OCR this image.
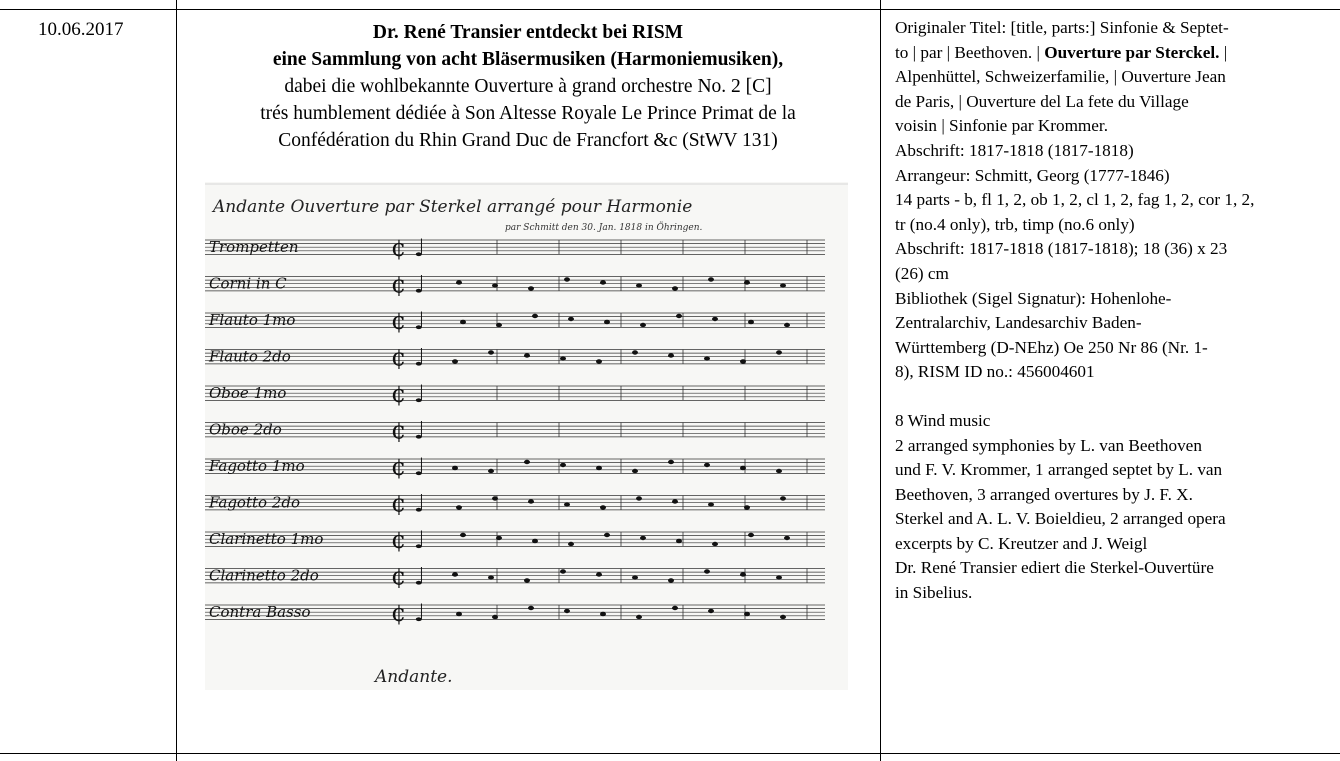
10.06.2017	Dr. René Transier entdeckt bei RISM
eine Sammlung von acht Bläsermusiken (Harmoniemusiken),
dabei die wohlbekannte Ouverture à grand orchestre No. 2 [C]
trés humblement dédiée à Son Altesse Royale Le Prince Primat de la
Confédération du Rhin Grand Duc de Francfort &c (StWV 131)
Andante Ouverture par Sterkel arrangé pour Harmonie
par Schmitt den 30. Jan. 1818 in Öhringen.
Trompetten	¢ ♩
Corni in C	¢ ♩
Flauto 1mo	¢ ♩
Flauto 2do	¢ ♩
Oboe 1mo	¢ ♩
Oboe 2do	¢ ♩
Fagotto 1mo	¢ ♩
Fagotto 2do	¢ ♩
Clarinetto 1mo	¢ ♩
Clarinetto 2do	¢ ♩
Contra Basso	¢ ♩
Andante.
Originaler Titel: [title, parts:] Sinfonie & Septet-
to | par | Beethoven. | Ouverture par Sterckel. |
Alpenhüttel, Schweizerfamilie, | Ouverture Jean
de Paris, | Ouverture del La fete du Village
voisin | Sinfonie par Krommer.
Abschrift: 1817-1818 (1817-1818)
Arrangeur: Schmitt, Georg (1777-1846)
14 parts - b, fl 1, 2, ob 1, 2, cl 1, 2, fag 1, 2, cor 1, 2,
tr (no.4 only), trb, timp (no.6 only)
Abschrift: 1817-1818 (1817-1818); 18 (36) x 23
(26) cm
Bibliothek (Sigel Signatur): Hohenlohe-
Zentralarchiv, Landesarchiv Baden-
Württemberg (D-NEhz) Oe 250 Nr 86 (Nr. 1-
8), RISM ID no.: 456004601
8 Wind music
2 arranged symphonies by L. van Beethoven
und F. V. Krommer, 1 arranged septet by L. van
Beethoven, 3 arranged overtures by J. F. X.
Sterkel and A. L. V. Boieldieu, 2 arranged opera
excerpts by C. Kreutzer and J. Weigl
Dr. René Transier ediert die Sterkel-Ouvertüre
in Sibelius.
